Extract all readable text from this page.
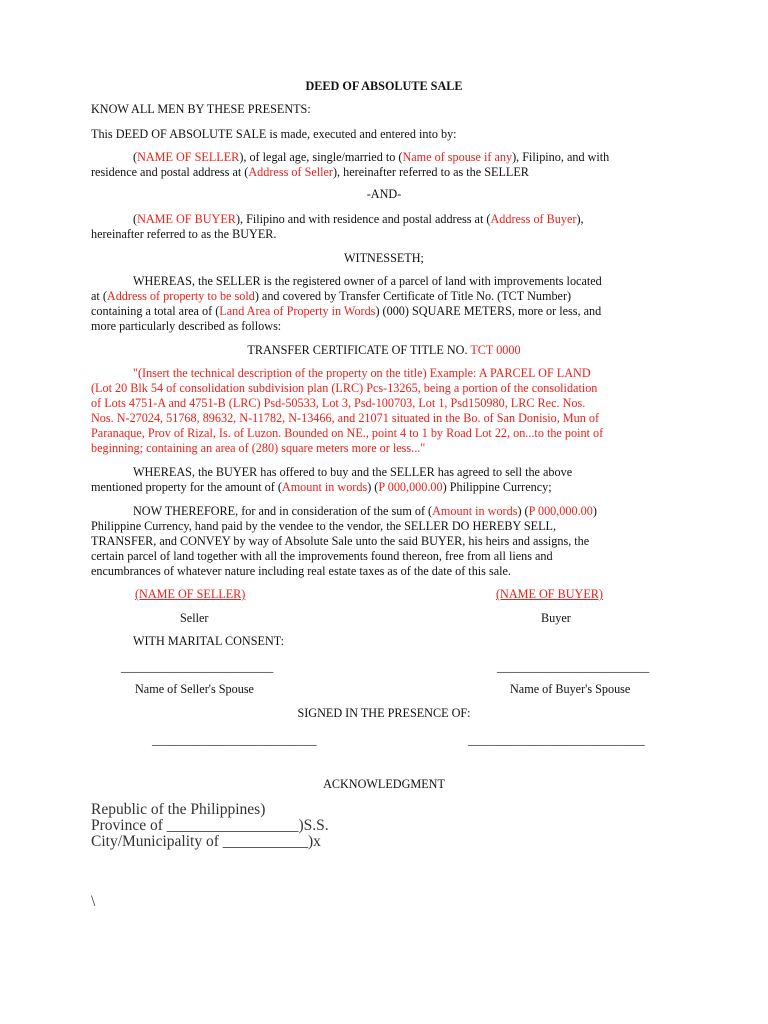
DEED OF ABSOLUTE SALE
KNOW ALL MEN BY THESE PRESENTS:
This DEED OF ABSOLUTE SALE is made, executed and entered into by:
(NAME OF SELLER), of legal age, single/married to (Name of spouse if any), Filipino, and with
residence and postal address at (Address of Seller), hereinafter referred to as the SELLER
-AND-
(NAME OF BUYER), Filipino and with residence and postal address at (Address of Buyer),
hereinafter referred to as the BUYER.
WITNESSETH;
WHEREAS, the SELLER is the registered owner of a parcel of land with improvements located
at (Address of property to be sold) and covered by Transfer Certificate of Title No. (TCT Number)
containing a total area of (Land Area of Property in Words) (000) SQUARE METERS, more or less, and
more particularly described as follows:
TRANSFER CERTIFICATE OF TITLE NO. TCT 0000
"(Insert the technical description of the property on the title) Example: A PARCEL OF LAND
(Lot 20 Blk 54 of consolidation subdivision plan (LRC) Pcs-13265, being a portion of the consolidation
of Lots 4751-A and 4751-B (LRC) Psd-50533, Lot 3, Psd-100703, Lot 1, Psd150980, LRC Rec. Nos.
Nos. N-27024, 51768, 89632, N-11782, N-13466, and 21071 situated in the Bo. of San Donisio, Mun of
Paranaque, Prov of Rizal, Is. of Luzon. Bounded on NE., point 4 to 1 by Road Lot 22, on...to the point of
beginning; containing an area of (280) square meters more or less..."
WHEREAS, the BUYER has offered to buy and the SELLER has agreed to sell the above
mentioned property for the amount of (Amount in words) (P 000,000.00) Philippine Currency;
NOW THEREFORE, for and in consideration of the sum of (Amount in words) (P 000,000.00)
Philippine Currency, hand paid by the vendee to the vendor, the SELLER DO HEREBY SELL,
TRANSFER, and CONVEY by way of Absolute Sale unto the said BUYER, his heirs and assigns, the
certain parcel of land together with all the improvements found thereon, free from all liens and
encumbrances of whatever nature including real estate taxes as of the date of this sale.
(NAME OF SELLER)	(NAME OF BUYER)
Seller	Buyer
WITH MARITAL CONSENT:
_________________________	_________________________
Name of Seller's Spouse	Name of Buyer's Spouse
SIGNED IN THE PRESENCE OF:
___________________________	_____________________________
ACKNOWLEDGMENT
Republic of the Philippines)
Province of _________________)S.S.
City/Municipality of ___________)x
\
